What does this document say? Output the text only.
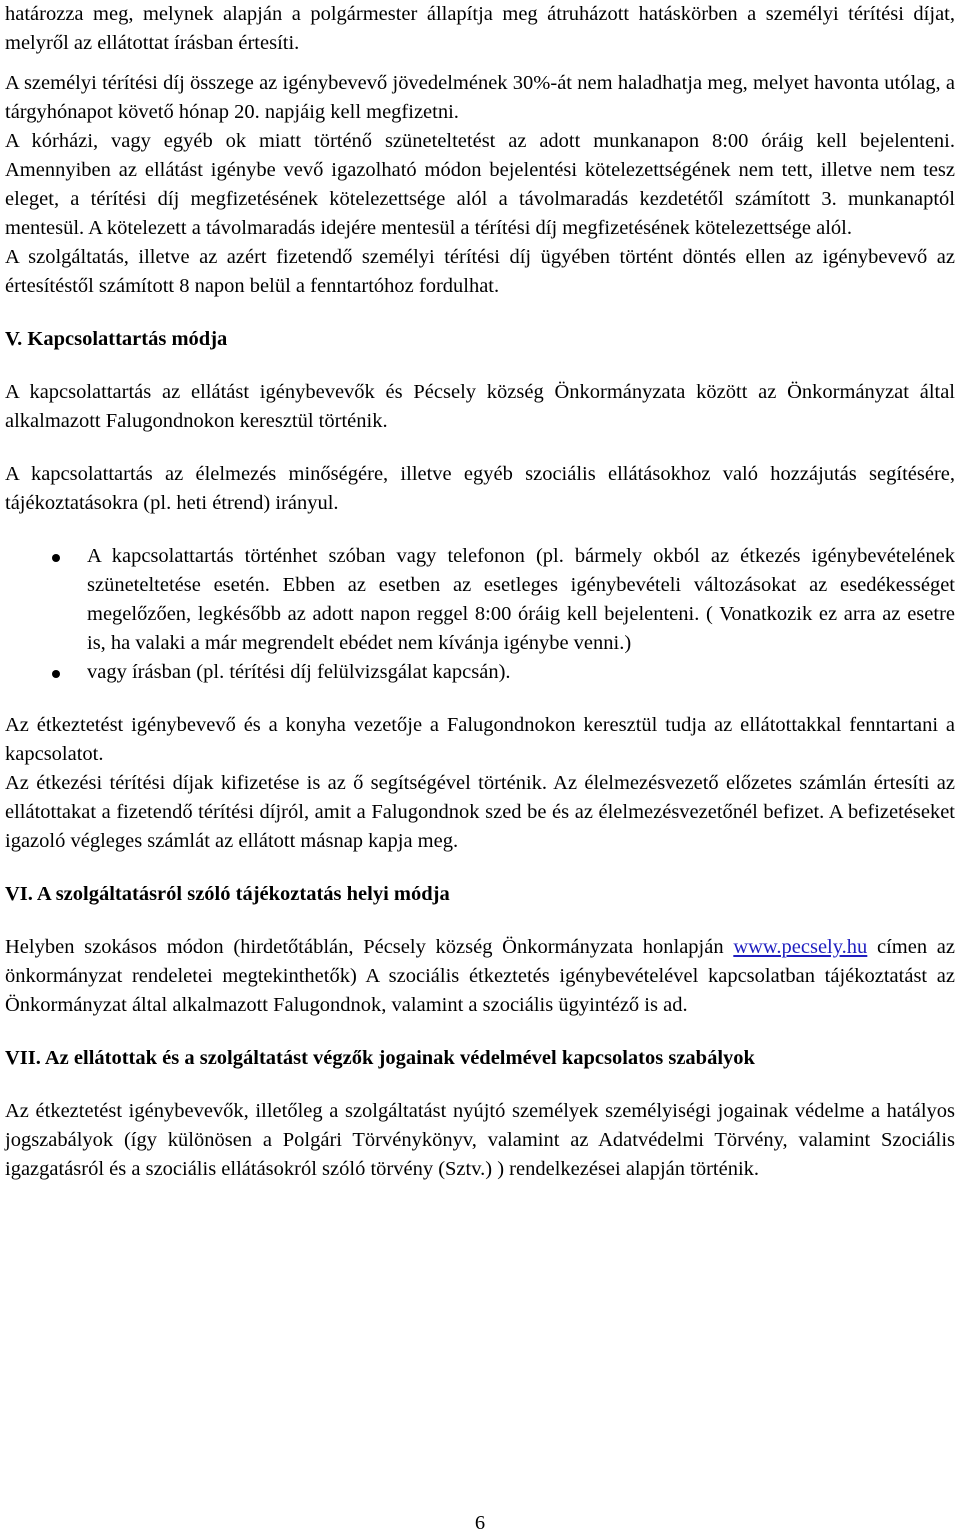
határozza meg, melynek alapján a polgármester állapítja meg átruházott hatáskörben a személyi térítési díjat, melyről az ellátottat írásban értesíti.

A személyi térítési díj összege az igénybevevő jövedelmének 30%-át nem haladhatja meg, melyet havonta utólag, a tárgyhónapot követő hónap 20. napjáig kell megfizetni.

A kórházi, vagy egyéb ok miatt történő szüneteltetést az adott munkanapon 8:00 óráig kell bejelenteni. Amennyiben az ellátást igénybe vevő igazolható módon bejelentési kötelezettségének nem tett, illetve nem tesz eleget, a térítési díj megfizetésének kötelezettsége alól a távolmaradás kezdetétől számított 3. munkanaptól mentesül. A kötelezett a távolmaradás idejére mentesül a térítési díj megfizetésének kötelezettsége alól.

A szolgáltatás, illetve az azért fizetendő személyi térítési díj ügyében történt döntés ellen az igénybevevő az értesítéstől számított 8 napon belül a fenntartóhoz fordulhat.

V. Kapcsolattartás módja

A kapcsolattartás az ellátást igénybevevők és Pécsely község Önkormányzata között az Önkormányzat által alkalmazott Falugondnokon keresztül történik.

A kapcsolattartás az élelmezés minőségére, illetve egyéb szociális ellátásokhoz való hozzájutás segítésére, tájékoztatásokra (pl. heti étrend) irányul.

A kapcsolattartás történhet szóban vagy telefonon (pl. bármely okból az étkezés igénybevételének szüneteltetése esetén. Ebben az esetben az esetleges igénybevételi változásokat az esedékességet megelőzően, legkésőbb az adott napon reggel 8:00 óráig kell bejelenteni. ( Vonatkozik ez arra az esetre is, ha valaki a már megrendelt ebédet nem kívánja igénybe venni.)

vagy írásban (pl. térítési díj felülvizsgálat kapcsán).

Az étkeztetést igénybevevő és a konyha vezetője a Falugondnokon keresztül tudja az ellátottakkal fenntartani a kapcsolatot.

Az étkezési térítési díjak kifizetése is az ő segítségével történik. Az élelmezésvezető előzetes számlán értesíti az ellátottakat a fizetendő térítési díjról, amit a Falugondnok szed be és az élelmezésvezetőnél befizet. A befizetéseket igazoló végleges számlát az ellátott másnap kapja meg.

VI. A szolgáltatásról szóló tájékoztatás helyi módja

Helyben szokásos módon (hirdetőtáblán, Pécsely község Önkormányzata honlapján www.pecsely.hu címen az önkormányzat rendeletei megtekinthetők) A szociális étkeztetés igénybevételével kapcsolatban tájékoztatást az Önkormányzat által alkalmazott Falugondnok, valamint a szociális ügyintéző is ad.

VII. Az ellátottak és a szolgáltatást végzők jogainak védelmével kapcsolatos szabályok

Az étkeztetést igénybevevők, illetőleg a szolgáltatást nyújtó személyek személyiségi jogainak védelme a hatályos jogszabályok (így különösen a Polgári Törvénykönyv, valamint az Adatvédelmi Törvény, valamint Szociális igazgatásról és a szociális ellátásokról szóló törvény (Sztv.) ) rendelkezései alapján történik.

6
